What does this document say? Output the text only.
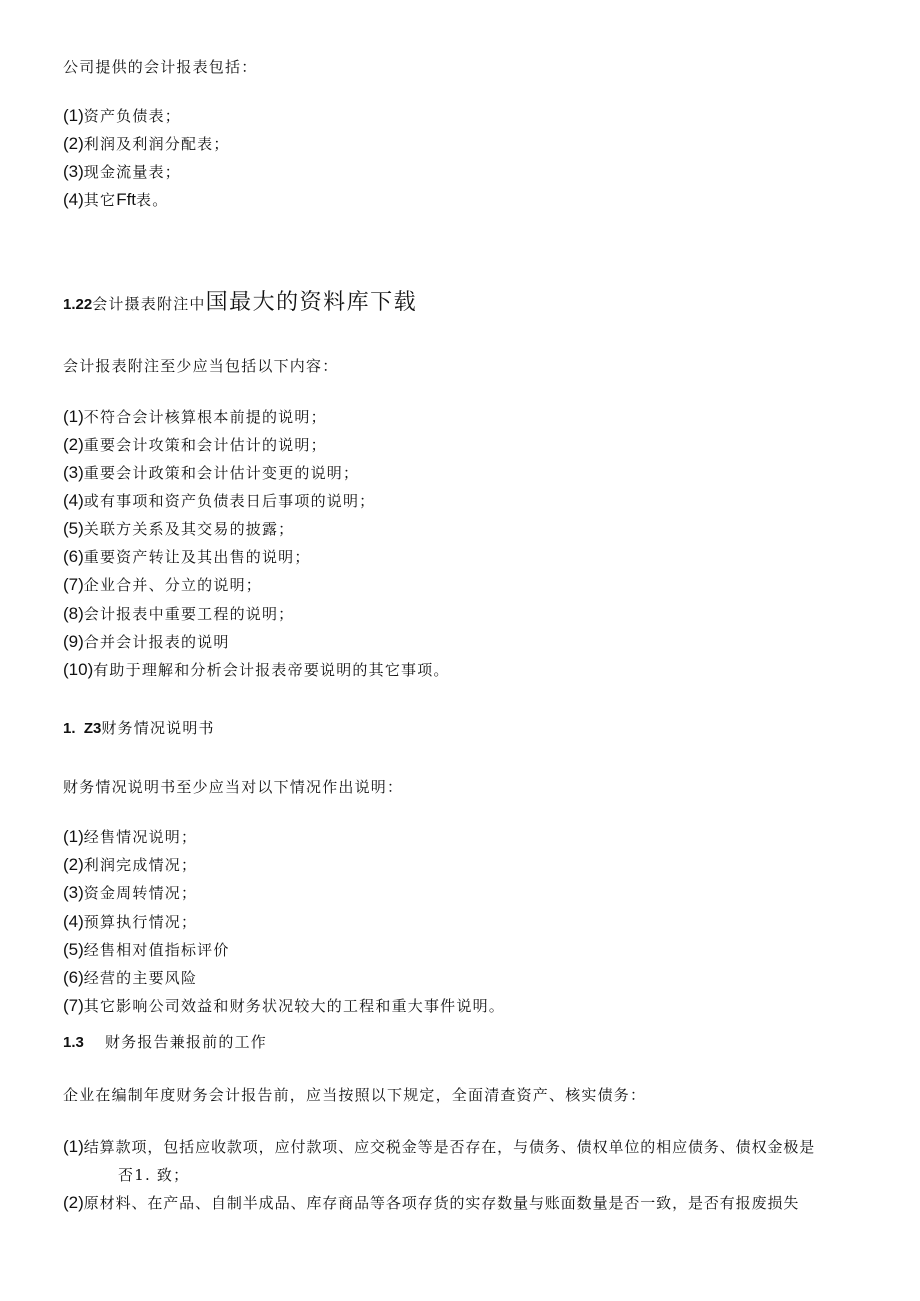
公司提供的会计报表包括：
(1)资产负债表；
(2)利润及利润分配表；
(3)现金流量表；
(4)其它Fft表。
1.22会计摄表附注中国最大的资料库下载
会计报表附注至少应当包括以下内容：
(1)不符合会计核算根本前提的说明；
(2)重要会计攻策和会计估计的说明；
(3)重要会计政策和会计估计变更的说明；
(4)或有事项和资产负债表日后事项的说明；
(5)关联方关系及其交易的披露；
(6)重要资产转让及其出售的说明；
(7)企业合并、分立的说明；
(8)会计报表中重要工程的说明；
(9)合并会计报表的说明
(10)有助于理解和分析会计报表帝要说明的其它事项。
1.  Z3财务情况说明书
财务情况说明书至少应当对以下情况作出说明：
(1)经售情况说明；
(2)利润完成情况；
(3)资金周转情况；
(4)预算执行情况；
(5)经售相对值指标评价
(6)经营的主要风险
(7)其它影响公司效益和财务状况较大的工程和重大事件说明。
1.3 财务报告兼报前的工作
企业在编制年度财务会计报告前，应当按照以下规定，全面清查资产、核实债务：
(1)结算款项，包括应收款项，应付款项、应交税金等是否存在，与债务、债权单位的相应债务、债权金极是
否1. 致；
(2)原材料、在产品、自制半成品、库存商品等各项存货的实存数量与账面数量是否一致，是否有报废损失
